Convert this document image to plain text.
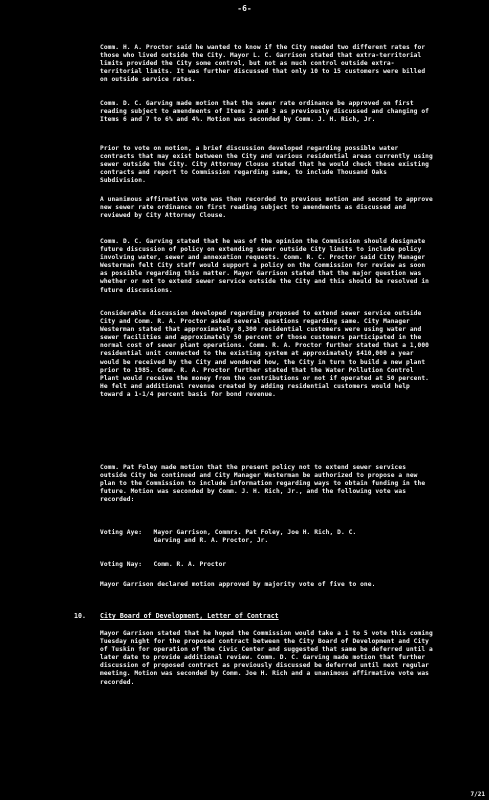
-6-

Comm. H. A. Proctor said he wanted to know if the City needed two different rates for those who lived outside the City. Mayor L. C. Garrison stated that extra-territorial limits provided the City some control, but not as much control outside extra-territorial limits. It was further discussed that only 10 to 15 customers were billed on outside service rates.

Comm. D. C. Garving made motion that the sewer rate ordinance be approved on first reading subject to amendments of Items 2 and 3 as previously discussed and changing of Items 6 and 7 to 6% and 4%. Motion was seconded by Comm. J. H. Rich, Jr.

Prior to vote on motion, a brief discussion developed regarding possible water contracts that may exist between the City and various residential areas currently using sewer outside the City. City Attorney Clouse stated that he would check these existing contracts and report to Commission regarding same, to include Thousand Oaks Subdivision.

A unanimous affirmative vote was then recorded to previous motion and second to approve new sewer rate ordinance on first reading subject to amendments as discussed and reviewed by City Attorney Clouse.

Comm. D. C. Garving stated that he was of the opinion the Commission should designate future discussion of policy on extending sewer outside City limits to include policy involving water, sewer and annexation requests. Comm. R. C. Proctor said City Manager Westerman felt City staff would support a policy on the Commission for review as soon as possible regarding this matter. Mayor Garrison stated that the major question was whether or not to extend sewer service outside the City and this should be resolved in future discussions.

Considerable discussion developed regarding proposed to extend sewer service outside City and Comm. R. A. Proctor asked several questions regarding same. City Manager Westerman stated that approximately 8,300 residential customers were using water and sewer facilities and approximately 50 percent of those customers participated in the normal cost of sewer plant operations. Comm. R. A. Proctor further stated that a 1,000 residential unit connected to the existing system at approximately $410,000 a year would be received by the City and wondered how, the City in turn to build a new plant prior to 1985. Comm. R. A. Proctor further stated that the Water Pollution Control Plant would receive the money from the contributions or not if operated at 50 percent. He felt and additional revenue created by adding residential customers would help toward a 1-1/4 percent basis for bond revenue.

Comm. Pat Foley made motion that the present policy not to extend sewer services outside City be continued and City Manager Westerman be authorized to propose a new plan to the Commission to include information regarding ways to obtain funding in the future. Motion was seconded by Comm. J. H. Rich, Jr., and the following vote was recorded:

Voting Aye:   Mayor Garrison, Commrs. Pat Foley, Joe H. Rich, D. C.
Garving and R. A. Proctor, Jr.

Voting Nay:   Comm. R. A. Proctor

Mayor Garrison declared motion approved by majority vote of five to one.

10. City Board of Development, Letter of Contract

Mayor Garrison stated that he hoped the Commission would take a 1 to 5 vote this coming Tuesday night for the proposed contract between the City Board of Development and City of Tuskin for operation of the Civic Center and suggested that same be deferred until a later date to provide additional review. Comm. D. C. Garving made motion that further discussion of proposed contract as previously discussed be deferred until next regular meeting. Motion was seconded by Comm. Joe H. Rich and a unanimous affirmative vote was recorded.

7/21
